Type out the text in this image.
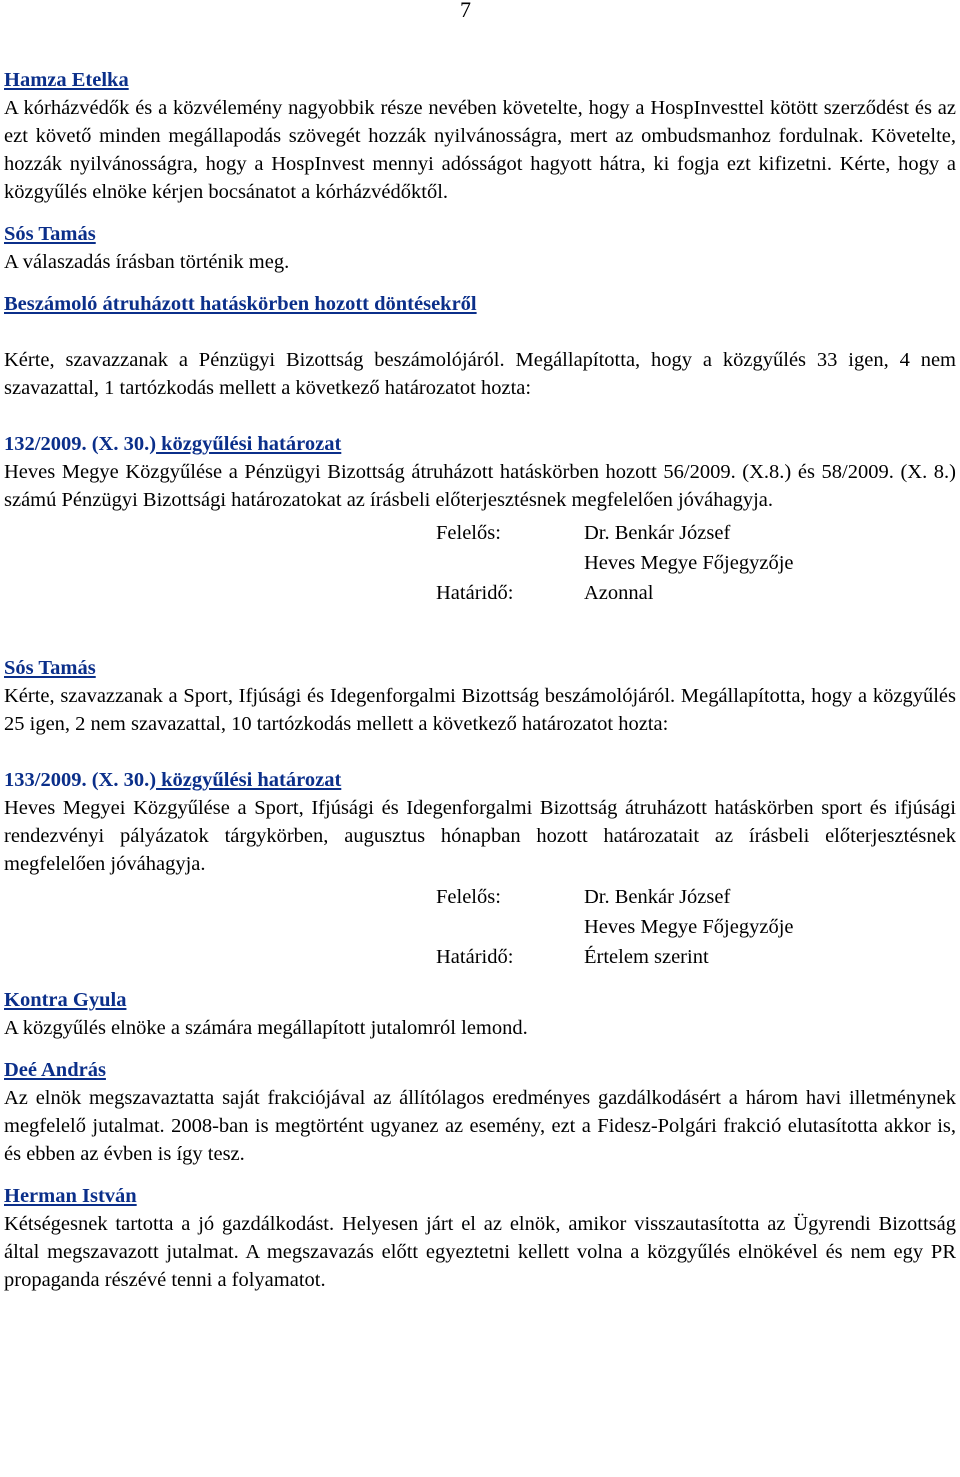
7

Hamza Etelka

A kórházvédők és a közvélemény nagyobbik része nevében követelte, hogy a HospInvesttel kötött szerződést és az ezt követő minden megállapodás szövegét hozzák nyilvánosságra, mert az ombudsmanhoz fordulnak. Követelte, hozzák nyilvánosságra, hogy a HospInvest mennyi adósságot hagyott hátra, ki fogja ezt kifizetni. Kérte, hogy a közgyűlés elnöke kérjen bocsánatot a kórházvédőktől.

Sós Tamás

A válaszadás írásban történik meg.

Beszámoló átruházott hatáskörben hozott döntésekről

Kérte, szavazzanak a Pénzügyi Bizottság beszámolójáról. Megállapította, hogy a közgyűlés 33 igen, 4 nem szavazattal, 1 tartózkodás mellett a következő határozatot hozta:

132/2009. (X. 30.) közgyűlési határozat

Heves Megye Közgyűlése a Pénzügyi Bizottság átruházott hatáskörben hozott 56/2009. (X.8.) és 58/2009. (X. 8.) számú Pénzügyi Bizottsági határozatokat az írásbeli előterjesztésnek megfelelően jóváhagyja.

Felelős:	Dr. Benkár József
Heves Megye Főjegyzője
Határidő:	Azonnal

Sós Tamás

Kérte, szavazzanak a Sport, Ifjúsági és Idegenforgalmi Bizottság beszámolójáról. Megállapította, hogy a közgyűlés 25 igen, 2 nem szavazattal, 10 tartózkodás mellett a következő határozatot hozta:

133/2009. (X. 30.) közgyűlési határozat

Heves Megyei Közgyűlése a Sport, Ifjúsági és Idegenforgalmi Bizottság átruházott hatáskörben sport és ifjúsági rendezvényi pályázatok tárgykörben, augusztus hónapban hozott határozatait az írásbeli előterjesztésnek megfelelően jóváhagyja.

Felelős:	Dr. Benkár József
Heves Megye Főjegyzője
Határidő:	Értelem szerint

Kontra Gyula

A közgyűlés elnöke a számára megállapított jutalomról lemond.

Deé András

Az elnök megszavaztatta saját frakciójával az állítólagos eredményes gazdálkodásért a három havi illetménynek megfelelő jutalmat. 2008-ban is megtörtént ugyanez az esemény, ezt a Fidesz-Polgári frakció elutasította akkor is, és ebben az évben is így tesz.

Herman István

Kétségesnek tartotta a jó gazdálkodást. Helyesen járt el az elnök, amikor visszautasította az Ügyrendi Bizottság által megszavazott jutalmat. A megszavazás előtt egyeztetni kellett volna a közgyűlés elnökével és nem egy PR propaganda részévé tenni a folyamatot.
